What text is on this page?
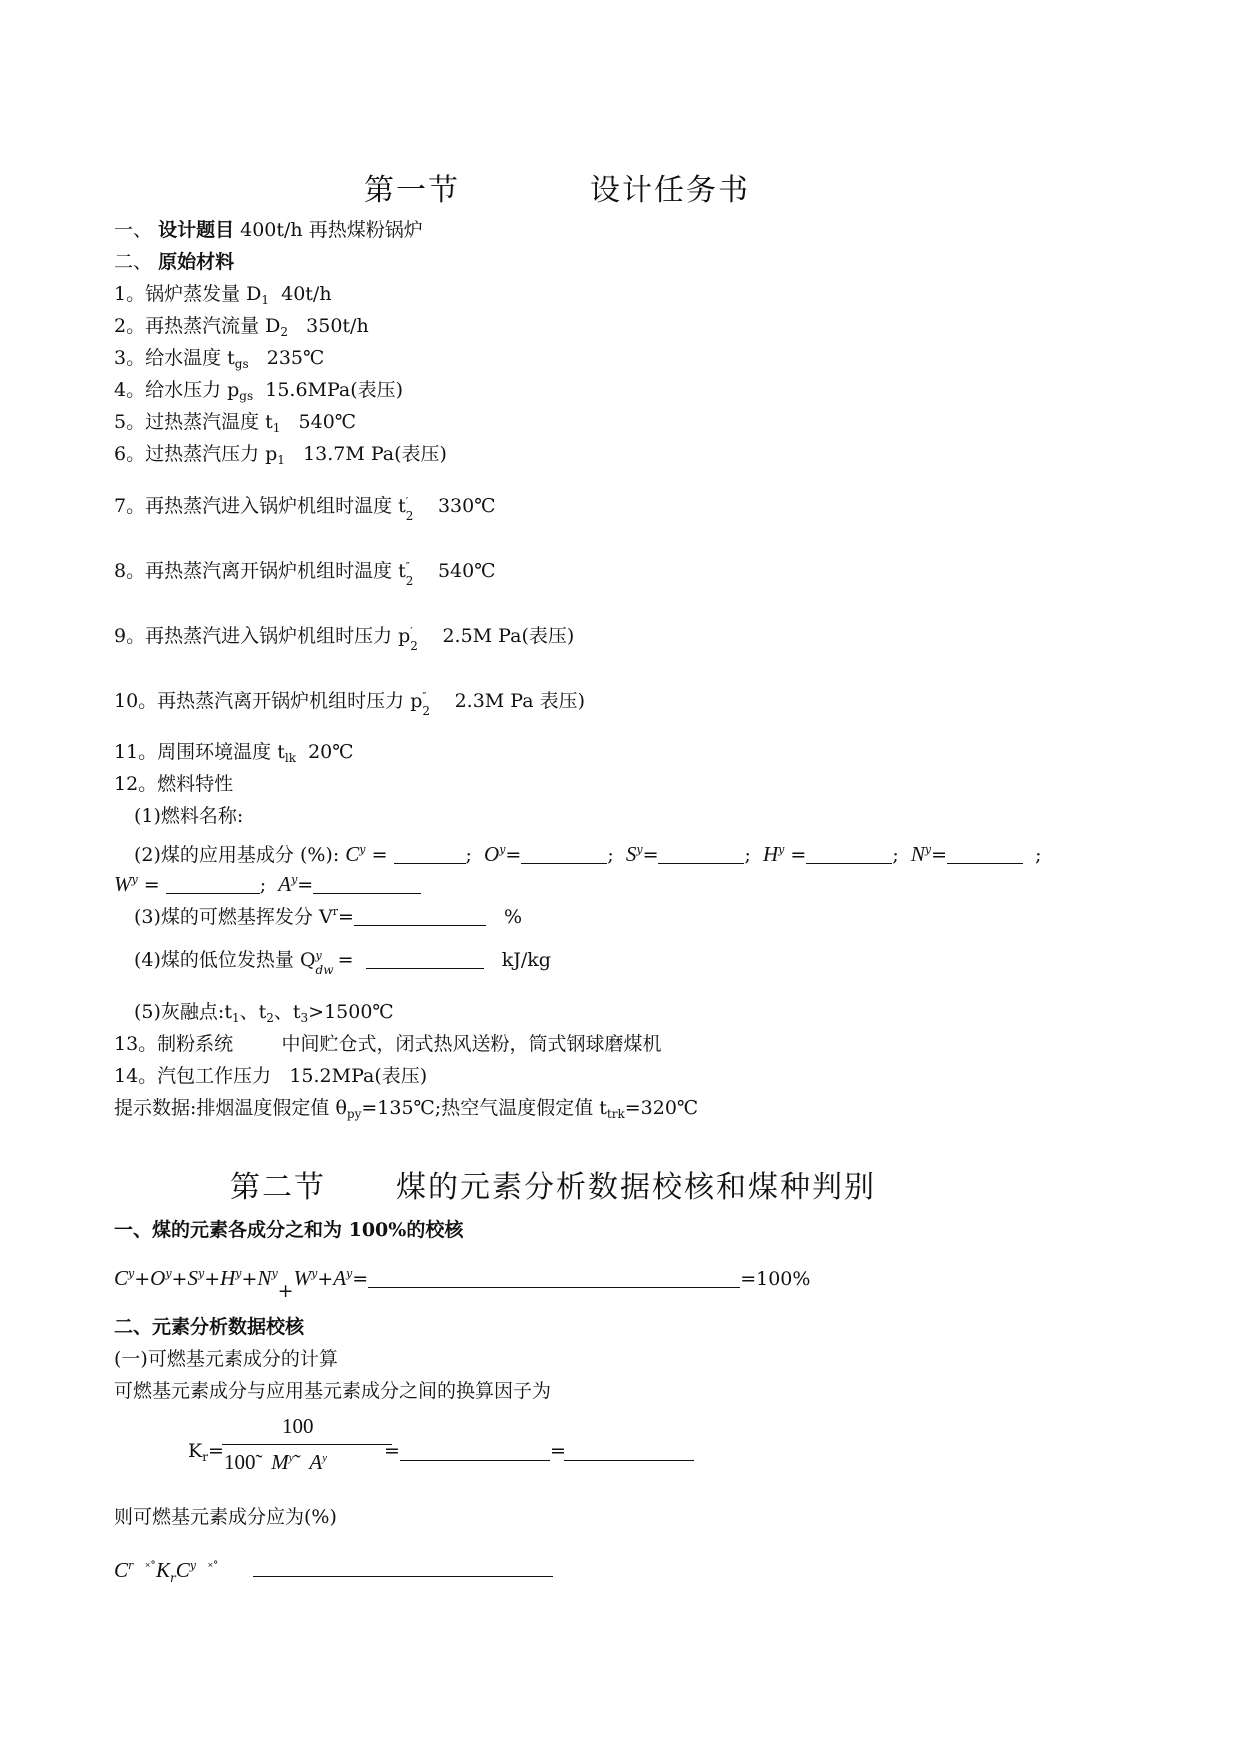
第一节	设计任务书
一、 设计题目 400t/h 再热煤粉锅炉
二、 原始材料
1。锅炉蒸发量 $D_1$ 40t/h
2。再热蒸汽流量 $D_2$ 350t/h
3。给水温度 $t_{gs}$ 235℃
4。给水压力 $p_{gs}$ 15.6MPa(表压)
5。过热蒸汽温度 $t_1$ 540℃
6。过热蒸汽压力 $p_1$ 13.7M Pa(表压)
7。再热蒸汽进入锅炉机组时温度 t ′
2 330℃
8。再热蒸汽离开锅炉机组时温度 t ″
2 540℃
9。再热蒸汽进入锅炉机组时压力 p ′
2 2.5M Pa(表压)
10。再热蒸汽离开锅炉机组时压力 p ″
2 2.3M Pa 表压)
11。周围环境温度 $t_{lk}$ 20℃
12。燃料特性
(1)燃料名称:
(2)煤的应用基成分 (%): $C^y$ =	; $O^y=$	; $S^y=$	; $H^y$ =	; $N^y=$	;
$W^y$ =	; $A^y=$
(3)煤的可燃基挥发分 $V^r=$	%
(4)煤的低位发热量 Q y
dw
=	kJ/kg
(5)灰融点$:t_1$、$t_2$、$t_3>1500℃$
13。制粉系统	中间贮仓式，闭式热风送粉，筒式钢球磨煤机
14。汽包工作压力 15.2MPa(表压)
提示数据:排烟温度假定值 $\theta_{py}=135℃$;热空气温度假定值 $t_{trk}=320℃$
第二节 煤的元素分析数据校核和煤种判别
一、煤的元素各成分之和为 100%的校核
$C^y+O^y+S^y+H^y+N^y+W^y+A^y=$	=100%
二、元素分析数据校核
(一)可燃基元素成分的计算
可燃基元素成分与应用基元素成分之间的换算因子为
$K_r=$
100
100 $M^y$ $A^y$	=	=
则可燃基元素成分应为(%)
$C^r$ $^{˟˚}K_rC^y$ ˟˚
